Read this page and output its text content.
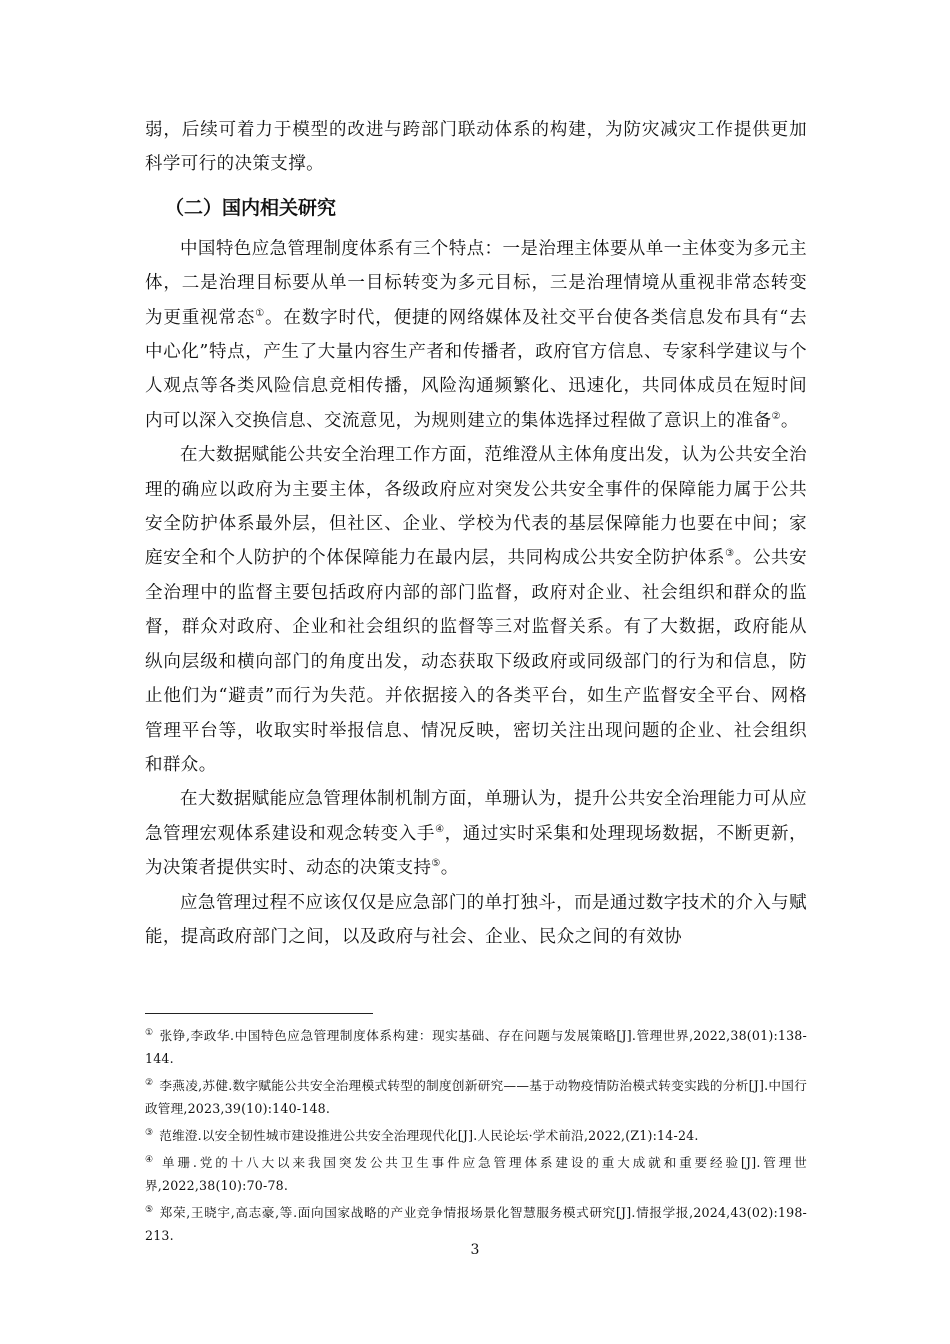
弱，后续可着力于模型的改进与跨部门联动体系的构建，为防灾减灾工作提供更加科学可行的决策支撑。

（二）国内相关研究

中国特色应急管理制度体系有三个特点：一是治理主体要从单一主体变为多元主体，二是治理目标要从单一目标转变为多元目标，三是治理情境从重视非常态转变为更重视常态①。在数字时代，便捷的网络媒体及社交平台使各类信息发布具有“去中心化”特点，产生了大量内容生产者和传播者，政府官方信息、专家科学建议与个人观点等各类风险信息竞相传播，风险沟通频繁化、迅速化，共同体成员在短时间内可以深入交换信息、交流意见，为规则建立的集体选择过程做了意识上的准备②。

在大数据赋能公共安全治理工作方面，范维澄从主体角度出发，认为公共安全治理的确应以政府为主要主体，各级政府应对突发公共安全事件的保障能力属于公共安全防护体系最外层，但社区、企业、学校为代表的基层保障能力也要在中间；家庭安全和个人防护的个体保障能力在最内层，共同构成公共安全防护体系③。公共安全治理中的监督主要包括政府内部的部门监督，政府对企业、社会组织和群众的监督，群众对政府、企业和社会组织的监督等三对监督关系。有了大数据，政府能从纵向层级和横向部门的角度出发，动态获取下级政府或同级部门的行为和信息，防止他们为“避责”而行为失范。并依据接入的各类平台，如生产监督安全平台、网格管理平台等，收取实时举报信息、情况反映，密切关注出现问题的企业、社会组织和群众。

在大数据赋能应急管理体制机制方面，单珊认为，提升公共安全治理能力可从应急管理宏观体系建设和观念转变入手④，通过实时采集和处理现场数据，不断更新，为决策者提供实时、动态的决策支持⑤。

应急管理过程不应该仅仅是应急部门的单打独斗，而是通过数字技术的介入与赋能，提高政府部门之间，以及政府与社会、企业、民众之间的有效协

① 张铮,李政华.中国特色应急管理制度体系构建：现实基础、存在问题与发展策略[J].管理世界,2022,38(01):138-144.

② 李燕凌,苏健.数字赋能公共安全治理模式转型的制度创新研究——基于动物疫情防治模式转变实践的分析[J].中国行政管理,2023,39(10):140-148.

③ 范维澄.以安全韧性城市建设推进公共安全治理现代化[J].人民论坛·学术前沿,2022,(Z1):14-24.

④ 单珊.党的十八大以来我国突发公共卫生事件应急管理体系建设的重大成就和重要经验[J].管理世界,2022,38(10):70-78.

⑤ 郑荣,王晓宇,高志豪,等.面向国家战略的产业竞争情报场景化智慧服务模式研究[J].情报学报,2024,43(02):198-213.

3
